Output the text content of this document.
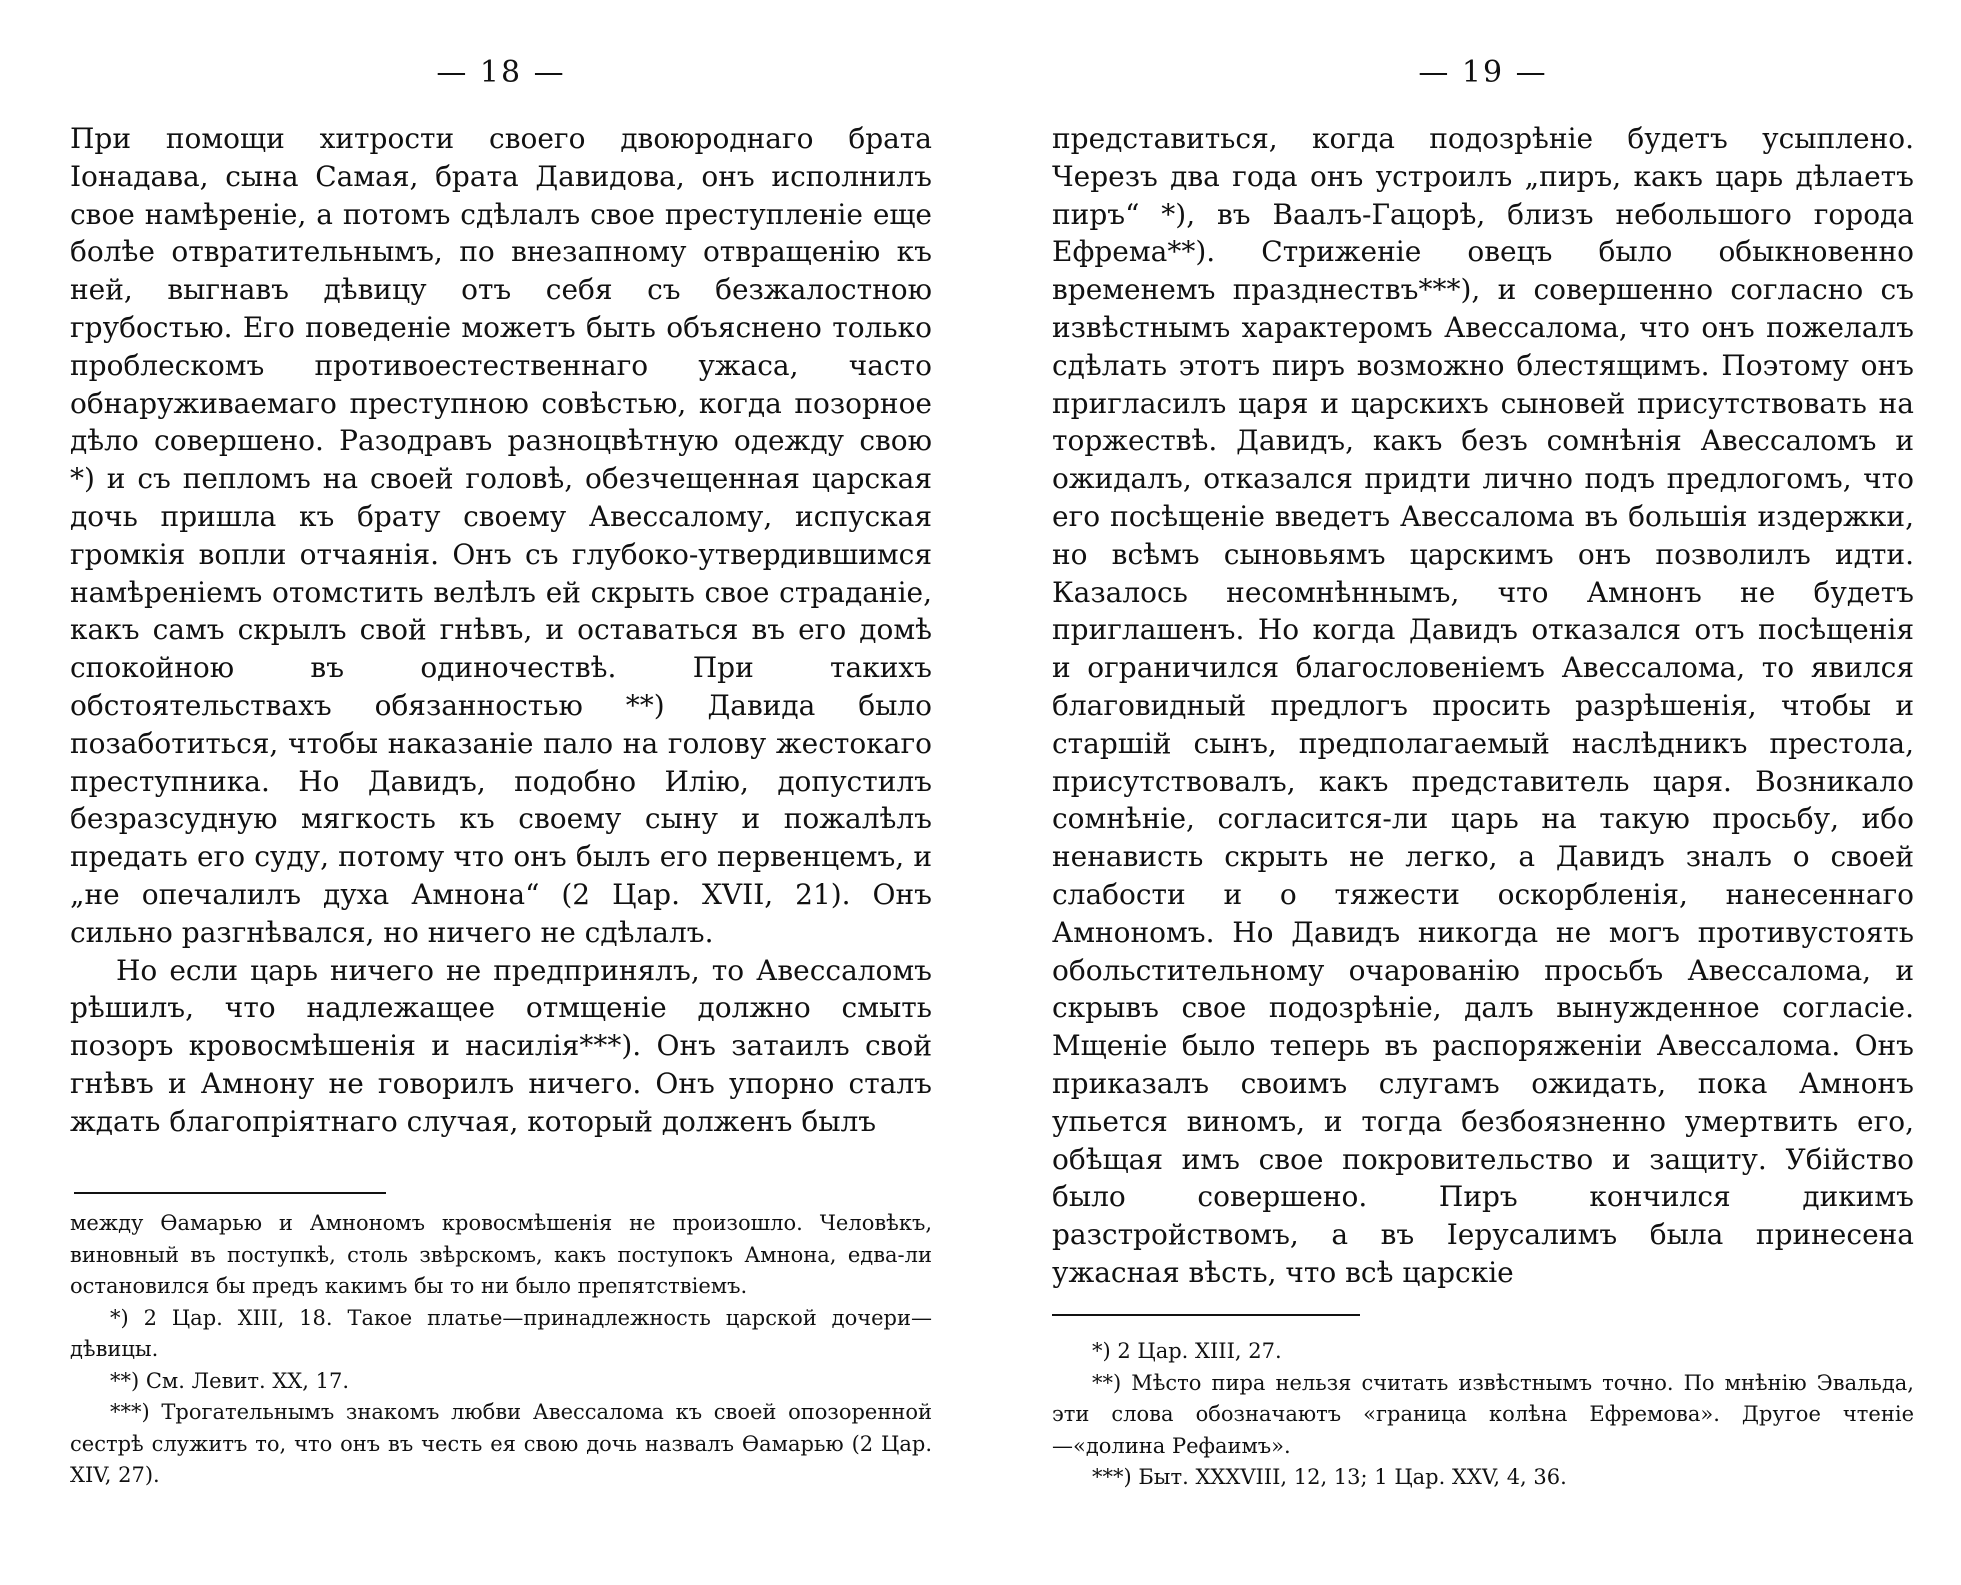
— 18 —

При помощи хитрости своего двоюроднаго брата Іонадава, сына Самая, брата Давидова, онъ исполнилъ свое намѣреніе, а потомъ сдѣлалъ свое преступленіе еще болѣе отвратительнымъ, по внезапному отвращенію къ ней, выгнавъ дѣвицу отъ себя съ безжалостною грубостью. Его поведеніе можетъ быть объяснено только проблескомъ противоестественнаго ужаса, часто обнаруживаемаго преступною совѣстью, когда позорное дѣло совершено. Разодравъ разноцвѣтную одежду свою *) и съ пепломъ на своей головѣ, обезчещенная царская дочь пришла къ брату своему Авессалому, испуская громкія вопли отчаянія. Онъ съ глубоко-утвердившимся намѣреніемъ отомстить велѣлъ ей скрыть свое страданіе, какъ самъ скрылъ свой гнѣвъ, и оставаться въ его домѣ спокойною въ одиночествѣ. При такихъ обстоятельствахъ обязанностью **) Давида было позаботиться, чтобы наказаніе пало на голову жестокаго преступника. Но Давидъ, подобно Илію, допустилъ безразсудную мягкость къ своему сыну и пожалѣлъ предать его суду, потому что онъ былъ его первенцемъ, и „не опечалилъ духа Амнона“ (2 Цар. XVII, 21). Онъ сильно разгнѣвался, но ничего не сдѣлалъ.

Но если царь ничего не предпринялъ, то Авессаломъ рѣшилъ, что надлежащее отмщеніе должно смыть позоръ кровосмѣшенія и насилія***). Онъ затаилъ свой гнѣвъ и Амнону не говорилъ ничего. Онъ упорно сталъ ждать благопріятнаго случая, который долженъ былъ

между Ѳамарью и Амнономъ кровосмѣшенія не произошло. Человѣкъ, виновный въ поступкѣ, столь звѣрскомъ, какъ поступокъ Амнона, едва-ли остановился бы предъ какимъ бы то ни было препятствіемъ.

*) 2 Цар. XIII, 18. Такое платье—принадлежность царской дочери—дѣвицы.

**) См. Левит. XX, 17.

***) Трогательнымъ знакомъ любви Авессалома къ своей опозоренной сестрѣ служитъ то, что онъ въ честь ея свою дочь назвалъ Ѳамарью (2 Цар. XIV, 27).

— 19 —

представиться, когда подозрѣніе будетъ усыплено. Черезъ два года онъ устроилъ „пиръ, какъ царь дѣлаетъ пиръ“ *), въ Ваалъ-Гацорѣ, близъ небольшого города Ефрема**). Стриженіе овецъ было обыкновенно временемъ празднествъ***), и совершенно согласно съ извѣстнымъ характеромъ Авессалома, что онъ пожелалъ сдѣлать этотъ пиръ возможно блестящимъ. Поэтому онъ пригласилъ царя и царскихъ сыновей присутствовать на торжествѣ. Давидъ, какъ безъ сомнѣнія Авессаломъ и ожидалъ, отказался придти лично подъ предлогомъ, что его посѣщеніе введетъ Авессалома въ большія издержки, но всѣмъ сыновьямъ царскимъ онъ позволилъ идти. Казалось несомнѣннымъ, что Амнонъ не будетъ приглашенъ. Но когда Давидъ отказался отъ посѣщенія и ограничился благословеніемъ Авессалома, то явился благовидный предлогъ просить разрѣшенія, чтобы и старшій сынъ, предполагаемый наслѣдникъ престола, присутствовалъ, какъ представитель царя. Возникало сомнѣніе, согласится-ли царь на такую просьбу, ибо ненависть скрыть не легко, а Давидъ зналъ о своей слабости и о тяжести оскорбленія, нанесеннаго Амнономъ. Но Давидъ никогда не могъ противустоять обольстительному очарованію просьбъ Авессалома, и скрывъ свое подозрѣніе, далъ вынужденное согласіе. Мщеніе было теперь въ распоряженіи Авессалома. Онъ приказалъ своимъ слугамъ ожидать, пока Амнонъ упьется виномъ, и тогда безбоязненно умертвить его, обѣщая имъ свое покровительство и защиту. Убійство было совершено. Пиръ кончился дикимъ разстройствомъ, а въ Іерусалимъ была принесена ужасная вѣсть, что всѣ царскіе

*) 2 Цар. XIII, 27.

**) Мѣсто пира нельзя считать извѣстнымъ точно. По мнѣнію Эвальда, эти слова обозначаютъ «граница колѣна Ефремова». Другое чтеніе—«долина Рефаимъ».

***) Быт. XXXVIII, 12, 13; 1 Цар. XXV, 4, 36.
